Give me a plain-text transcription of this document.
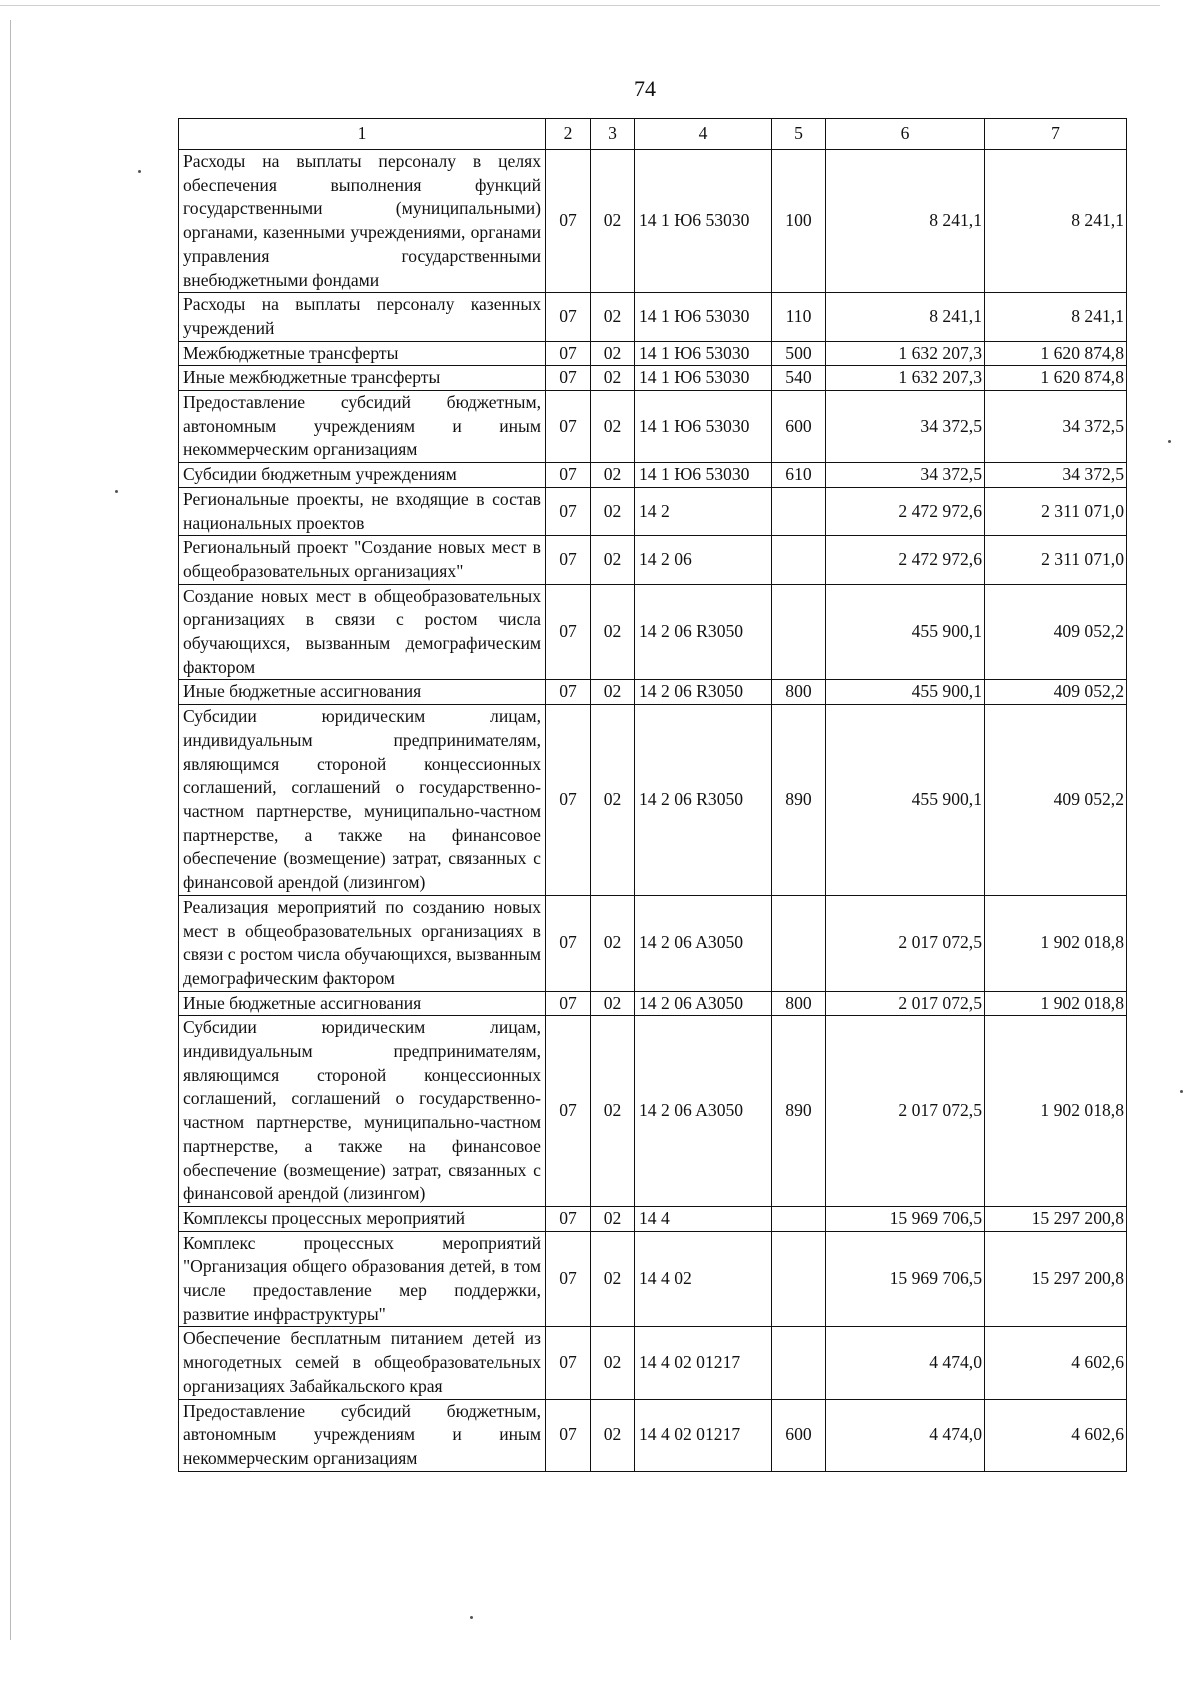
74
1	2	3	4	5	6	7
Расходы на выплаты персоналу в целях обеспечения выполнения функций государственными (муниципальными) органами, казенными учреждениями, органами управления государственными внебюджетными фондами	07	02	14 1 Ю6 53030	100	8 241,1	8 241,1
Расходы на выплаты персоналу казенных учреждений	07	02	14 1 Ю6 53030	110	8 241,1	8 241,1
Межбюджетные трансферты	07	02	14 1 Ю6 53030	500	1 632 207,3	1 620 874,8
Иные межбюджетные трансферты	07	02	14 1 Ю6 53030	540	1 632 207,3	1 620 874,8
Предоставление субсидий бюджетным, автономным учреждениям и иным некоммерческим организациям	07	02	14 1 Ю6 53030	600	34 372,5	34 372,5
Субсидии бюджетным учреждениям	07	02	14 1 Ю6 53030	610	34 372,5	34 372,5
Региональные проекты, не входящие в состав национальных проектов	07	02	14 2		2 472 972,6	2 311 071,0
Региональный проект "Создание новых мест в общеобразовательных организациях"	07	02	14 2 06		2 472 972,6	2 311 071,0
Создание новых мест в общеобразовательных организациях в связи с ростом числа обучающихся, вызванным демографическим фактором	07	02	14 2 06 R3050		455 900,1	409 052,2
Иные бюджетные ассигнования	07	02	14 2 06 R3050	800	455 900,1	409 052,2
Субсидии юридическим лицам, индивидуальным предпринимателям, являющимся стороной концессионных соглашений, соглашений о государственно-частном партнерстве, муниципально-частном партнерстве, а также на финансовое обеспечение (возмещение) затрат, связанных с финансовой арендой (лизингом)	07	02	14 2 06 R3050	890	455 900,1	409 052,2
Реализация мероприятий по созданию новых мест в общеобразовательных организациях в связи с ростом числа обучающихся, вызванным демографическим фактором	07	02	14 2 06 A3050		2 017 072,5	1 902 018,8
Иные бюджетные ассигнования	07	02	14 2 06 A3050	800	2 017 072,5	1 902 018,8
Субсидии юридическим лицам, индивидуальным предпринимателям, являющимся стороной концессионных соглашений, соглашений о государственно-частном партнерстве, муниципально-частном партнерстве, а также на финансовое обеспечение (возмещение) затрат, связанных с финансовой арендой (лизингом)	07	02	14 2 06 A3050	890	2 017 072,5	1 902 018,8
Комплексы процессных мероприятий	07	02	14 4		15 969 706,5	15 297 200,8
Комплекс процессных мероприятий "Организация общего образования детей, в том числе предоставление мер поддержки, развитие инфраструктуры"	07	02	14 4 02		15 969 706,5	15 297 200,8
Обеспечение бесплатным питанием детей из многодетных семей в общеобразовательных организациях Забайкальского края	07	02	14 4 02 01217		4 474,0	4 602,6
Предоставление субсидий бюджетным, автономным учреждениям и иным некоммерческим организациям	07	02	14 4 02 01217	600	4 474,0	4 602,6
